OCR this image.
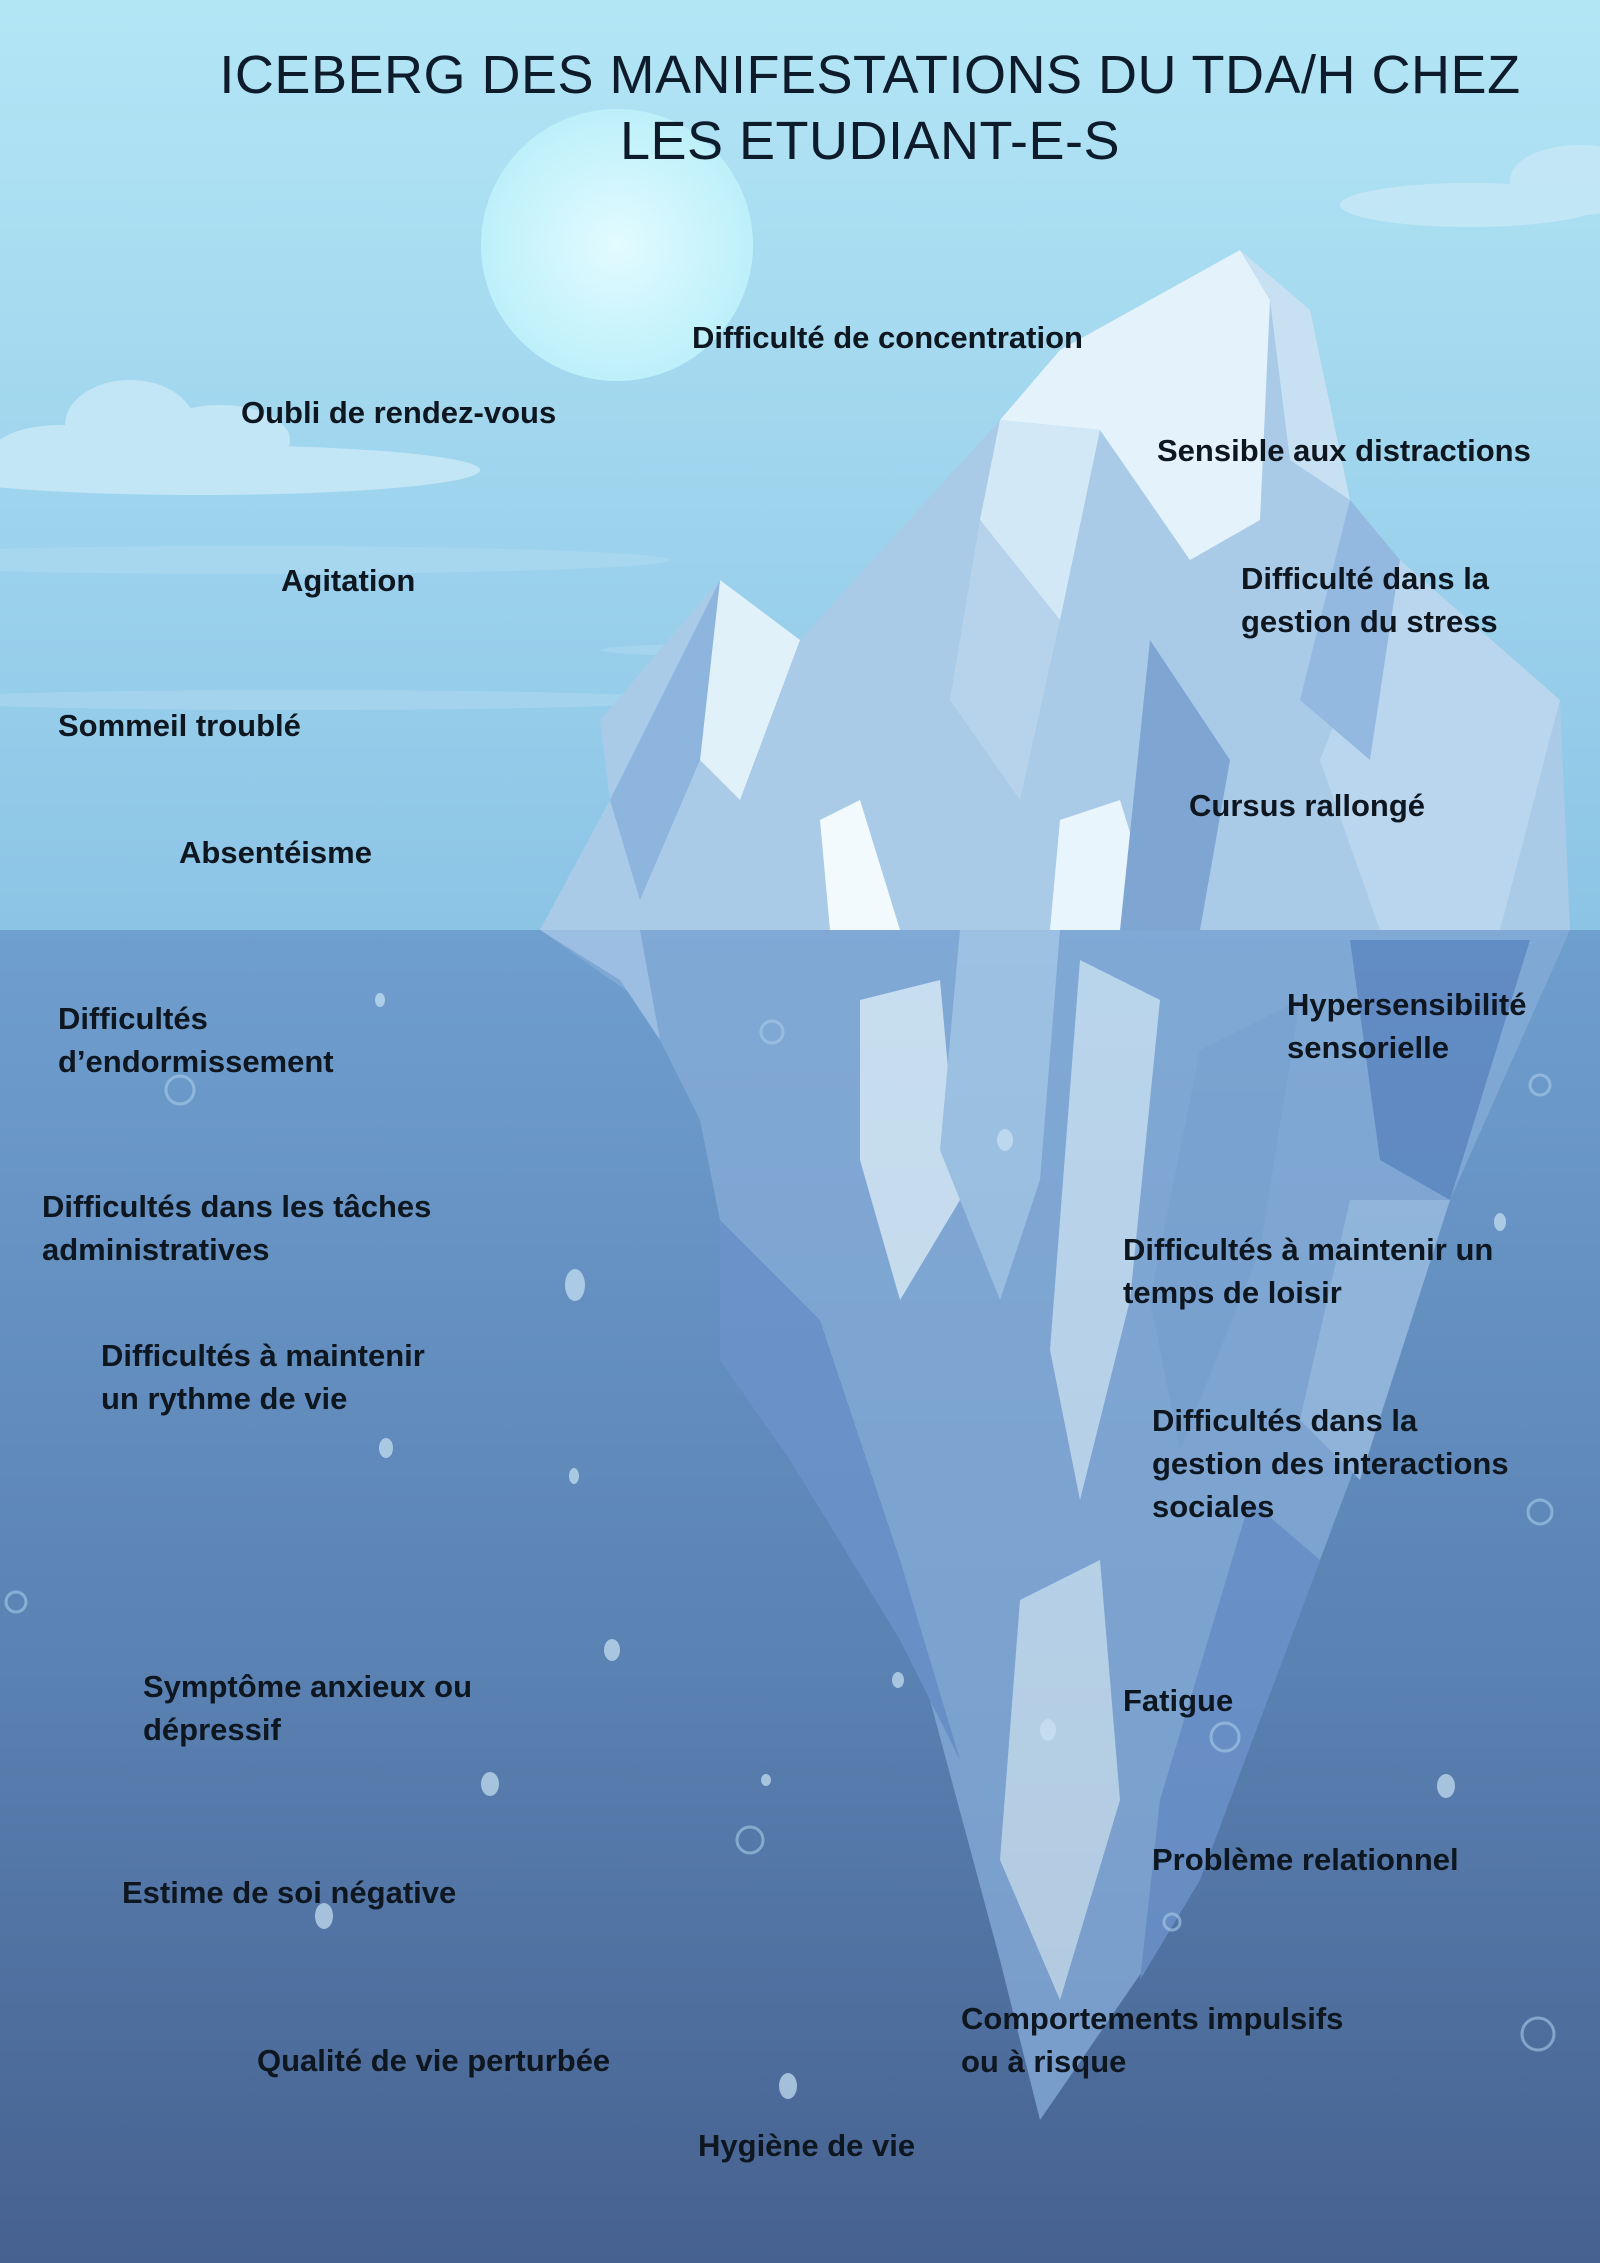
ICEBERG DES MANIFESTATIONS DU TDA/H CHEZ
LES ETUDIANT-E-S
Difficulté de concentration
Oubli de rendez-vous
Sensible aux distractions
Agitation	Difficulté dans la
gestion du stress
Sommeil troublé
Cursus rallongé
Absentéisme
Hypersensibilité
sensorielle
Difficultés
d’endormissement
Difficultés dans les tâches
administratives	Difficultés à maintenir un
temps de loisir
Difficultés à maintenir
un rythme de vie
Difficultés dans la
gestion des interactions
sociales
Symptôme anxieux ou
dépressif
Fatigue
Problème relationnel
Estime de soi négative
Comportements impulsifs
ou à risque
Qualité de vie perturbée
Hygiène de vie
